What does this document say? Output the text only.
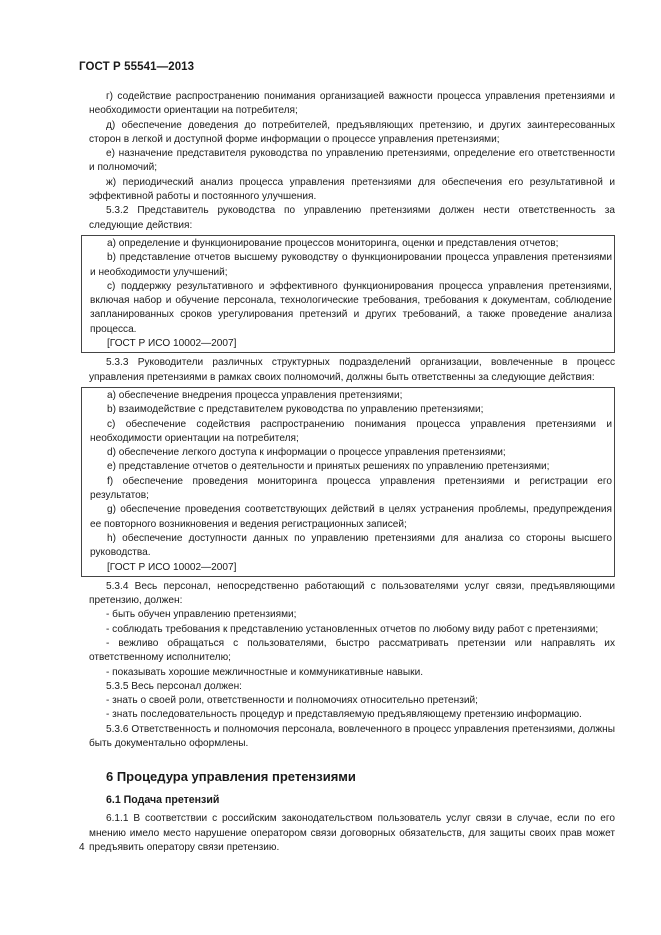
ГОСТ Р 55541—2013

г) содействие распространению понимания организацией важности процесса управления претензиями и необходимости ориентации на потребителя;

д) обеспечение доведения до потребителей, предъявляющих претензию, и других заинтересованных сторон в легкой и доступной форме информации о процессе управления претензиями;

е) назначение представителя руководства по управлению претензиями, определение его ответственности и полномочий;

ж) периодический анализ процесса управления претензиями для обеспечения его результативной и эффективной работы и постоянного улучшения.

5.3.2 Представитель руководства по управлению претензиями должен нести ответственность за следующие действия:

a) определение и функционирование процессов мониторинга, оценки и представления отчетов;

b) представление отчетов высшему руководству о функционировании процесса управления претензиями и необходимости улучшений;

c) поддержку результативного и эффективного функционирования процесса управления претензиями, включая набор и обучение персонала, технологические требования, требования к документам, соблюдение запланированных сроков урегулирования претензий и других требований, а также проведение анализа процесса.

[ГОСТ Р ИСО 10002—2007]

5.3.3 Руководители различных структурных подразделений организации, вовлеченные в процесс управления претензиями в рамках своих полномочий, должны быть ответственны за следующие действия:

a) обеспечение внедрения процесса управления претензиями;

b) взаимодействие с представителем руководства по управлению претензиями;

c) обеспечение содействия распространению понимания процесса управления претензиями и необходимости ориентации на потребителя;

d) обеспечение легкого доступа к информации о процессе управления претензиями;

e) представление отчетов о деятельности и принятых решениях по управлению претензиями;

f) обеспечение проведения мониторинга процесса управления претензиями и регистрации его результатов;

g) обеспечение проведения соответствующих действий в целях устранения проблемы, предупреждения ее повторного возникновения и ведения регистрационных записей;

h) обеспечение доступности данных по управлению претензиями для анализа со стороны высшего руководства.

[ГОСТ Р ИСО 10002—2007]

5.3.4 Весь персонал, непосредственно работающий с пользователями услуг связи, предъявляющими претензию, должен:

- быть обучен управлению претензиями;

- соблюдать требования к представлению установленных отчетов по любому виду работ с претензиями;

- вежливо обращаться с пользователями, быстро рассматривать претензии или направлять их ответственному исполнителю;

- показывать хорошие межличностные и коммуникативные навыки.

5.3.5 Весь персонал должен:

- знать о своей роли, ответственности и полномочиях относительно претензий;

- знать последовательность процедур и представляемую предъявляющему претензию информацию.

5.3.6 Ответственность и полномочия персонала, вовлеченного в процесс управления претензиями, должны быть документально оформлены.

6 Процедура управления претензиями
6.1 Подача претензий

6.1.1 В соответствии с российским законодательством пользователь услуг связи в случае, если по его мнению имело место нарушение оператором связи договорных обязательств, для защиты своих прав может предъявить оператору связи претензию.

4
